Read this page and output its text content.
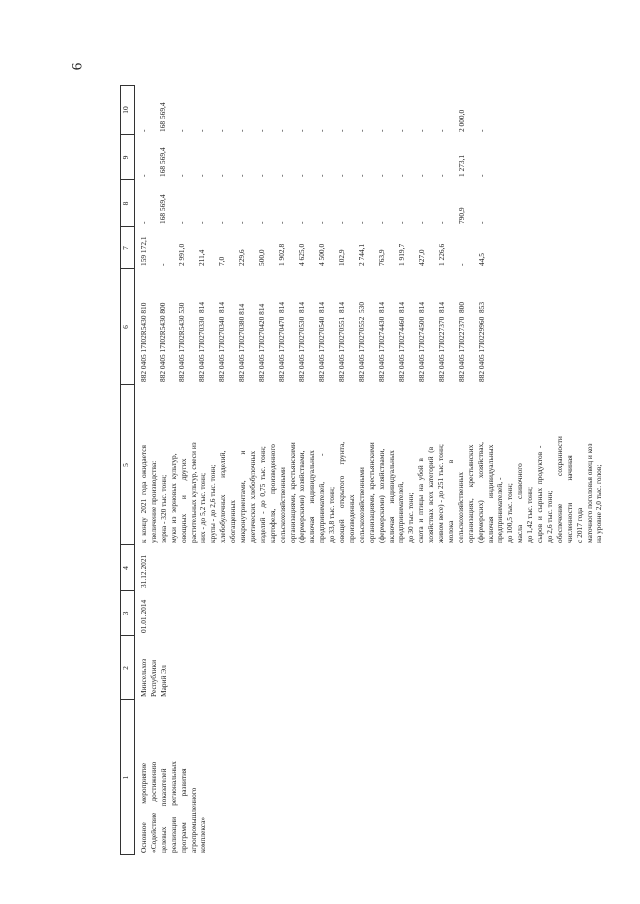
6
1
2
3
4
5
6
7
8
9
10
Основное          мероприятие «Содействие      достижению целевых           показателей реализации      региональных программ              развития агропромышленного комплекса»
Минсельхоз Республики Марий Эл
01.01.2014
31.12.2021
к  концу  2021  года  ожидается увеличение производства: зерна - 320 тыс. тонн; муки  из  зерновых  культур, овощных        и        других растительных культур, смеси из них - до 5,2 тыс. тонн; крупы - до 2,6 тыс. тонн; хлебобулочных         изделий, обогащенных микронутриентами,              и диетических  хлебобулочных изделий  -  до  0,75  тыс.  тонн; картофеля,        произведенного сельскохозяйственными организациями,  крестьянскими (фермерскими)  хозяйствами, включая       индивидуальных предпринимателей,              - до 33,8 тыс. тонн; овощей      открытого      грунта, произведенных сельскохозяйственными организациями,  крестьянскими (фермерскими)   хозяйствами, включая       индивидуальных предпринимателей, до 30 тыс. тонн; скота  и  птицы  на  убой  в хозяйствах  всех  категорий  (в живом весе) - до 251 тыс. тонн; молока                               в сельскохозяйственных организациях,      крестьянских (фермерских)            хозяйствах, включая          индивидуальных предпринимателей, - до 100,5 тыс. тонн; масла              сливочного до 1,42 тыс. тонн; сыров  и  сырных  продуктов  - до 2,6 тыс. тонн; обеспечение               сохранности численности            начиная с 2017 года маточного поголовья овец и коз на уровне 2,0 тыс. голов;
882 0405 17I02R5430 810
159 172,1
-
-
-
882 0405 17I02R5430 800
-
168 569,4
168 569,4
168 569,4
882 0405 17I02R5430 530
2 991,0
-
-
-
882 0405 17I0270330  814
211,4
-
-
-
882 0405 17I0270340  814
7,0
-
-
-
882 0405 17I0270380 814
229,6
-
-
-
882 0405 17I0270420 814
500,0
-
-
-
882 0405 17I0270470  814
1 902,8
-
-
-
882 0405 17I0270530  814
4 625,0
-
-
-
882 0405 17I0270540  814
4 500,0
-
-
-
882 0405 17I0270551  814
102,9
-
-
-
882 0405 17I0270552  530
2 744,1
-
-
-
882 0405 17I0274430  814
763,9
-
-
-
882 0405 17I0274460  814
1 919,7
-
-
-
882 0405 17I0274500  814
427,0
-
-
-
882 0405 17I0227370  814
1 226,6
-
-
-
882 0405 17I0227370  800
-
790,9
1 273,1
2 000,0
882 0405 17I0229960  853
44,5
-
-
-
